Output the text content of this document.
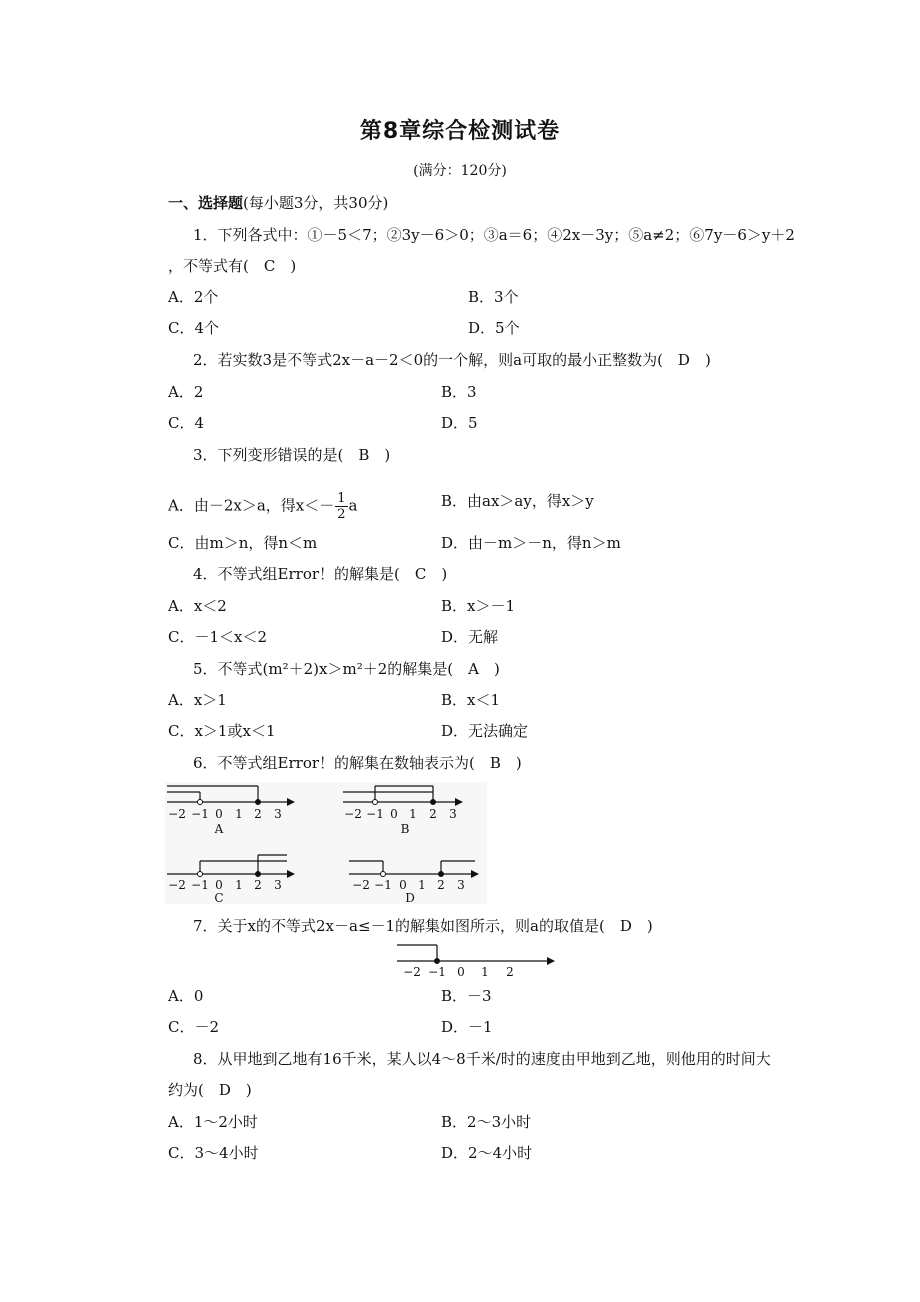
第8章综合检测试卷
(满分：120分)
一、选择题(每小题3分，共30分)
1．下列各式中：①－5＜7；②3y－6＞0；③a＝6；④2x－3y；⑤a≠2；⑥7y－6＞y＋2
，不等式有(　C　)
A．2个	B．3个
C．4个	D．5个
2．若实数3是不等式2x－a－2＜0的一个解，则a可取的最小正整数为(　D　)
A．2	B．3
C．4	D．5
3．下列变形错误的是(　B　)
A．由－2x＞a，得$x<- \frac{1}{2}$ a	B．由ax＞ay，得x＞y
C．由m＞n，得n＜m	D．由－m＞－n，得n＞m
4．不等式组Error！的解集是(　C　)
A．x＜2	B．x＞－1
C．－1＜x＜2	D．无解
5．不等式(m²＋2)x＞m²＋2的解集是(　A　)
A．x＞1	B．x＜1
C．x＞1或x＜1	D．无法确定
6．不等式组Error！的解集在数轴表示为(　B　)
−2 −1 0 1 2 3
A
−2 −1 0 1 2 3
B
−2 −1 0 1 2 3
C
−2 −1 0 1 2 3
D
7．关于x的不等式2x－a≤－1的解集如图所示，则a的取值是(　D　)
−2 −1 0 1 2
A．0	B．－3
C．－2	D．－1
8．从甲地到乙地有16千米，某人以4～8千米/时的速度由甲地到乙地，则他用的时间大
约为(　D　)
A．1～2小时	B．2～3小时
C．3～4小时	D．2～4小时
